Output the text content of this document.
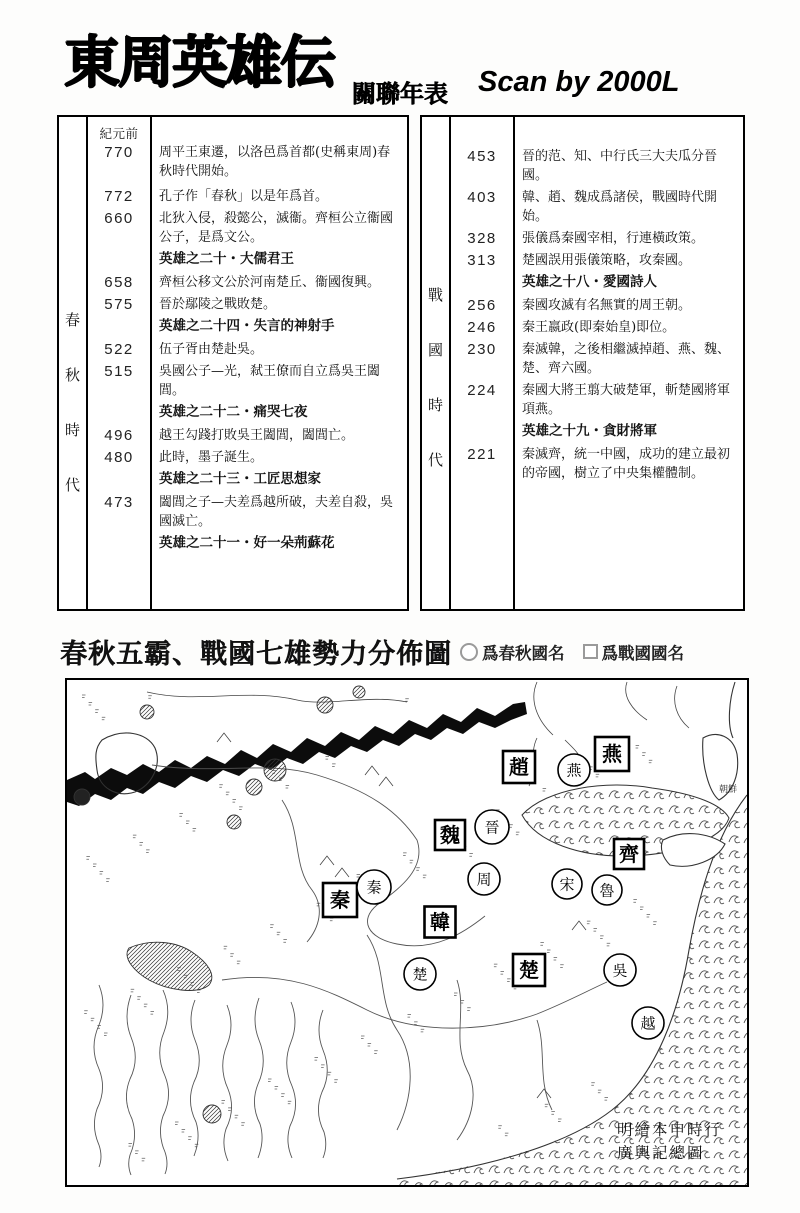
東周英雄伝 關聯年表 Scan by 2000L
春
秋
時
代
紀元前
770	周平王東遷，以洛邑爲首都(史稱東周)春秋時代開始。
772	孔子作「春秋」以是年爲首。
660	北狄入侵，殺懿公，滅衞。齊桓公立衞國公子，是爲文公。
英雄之二十・大儒君王
658	齊桓公移文公於河南楚丘、衞國復興。
575	晉於鄢陵之戰敗楚。
英雄之二十四・失言的神射手
522	伍子胥由楚赴吳。
515	吳國公子—光，弒王僚而自立爲吳王闔閭。
英雄之二十二・痛哭七夜
496	越王勾踐打敗吳王闔閭，闔閭亡。
480	此時，墨子誕生。
英雄之二十三・工匠思想家
473	闔閭之子—夫差爲越所破，夫差自殺，吳國滅亡。
英雄之二十一・好一朵荊蘇花
戰
國
時
代
453	晉的范、知、中行氏三大夫瓜分晉國。
403	韓、趙、魏成爲諸侯，戰國時代開始。
328	張儀爲秦國宰相，行連橫政策。
313	楚國誤用張儀策略，攻秦國。
英雄之十八・愛國詩人
256	秦國攻滅有名無實的周王朝。
246	秦王嬴政(即秦始皇)即位。
230	秦滅韓，之後相繼滅掉趙、燕、魏、楚、齊六國。
224	秦國大將王翦大破楚軍，斬楚國將軍項燕。
英雄之十九・貪財將軍
221	秦滅齊，統一中國，成功的建立最初的帝國，樹立了中央集權體制。
春秋五霸、戰國七雄勢力分佈圖 爲春秋國名 爲戰國國名
秦
韓
魏
趙
燕
齊
楚
秦
晉
周	宋 魯
燕
楚	吳
越
朝鮮
明繪本申時行
廣輿記總圖
